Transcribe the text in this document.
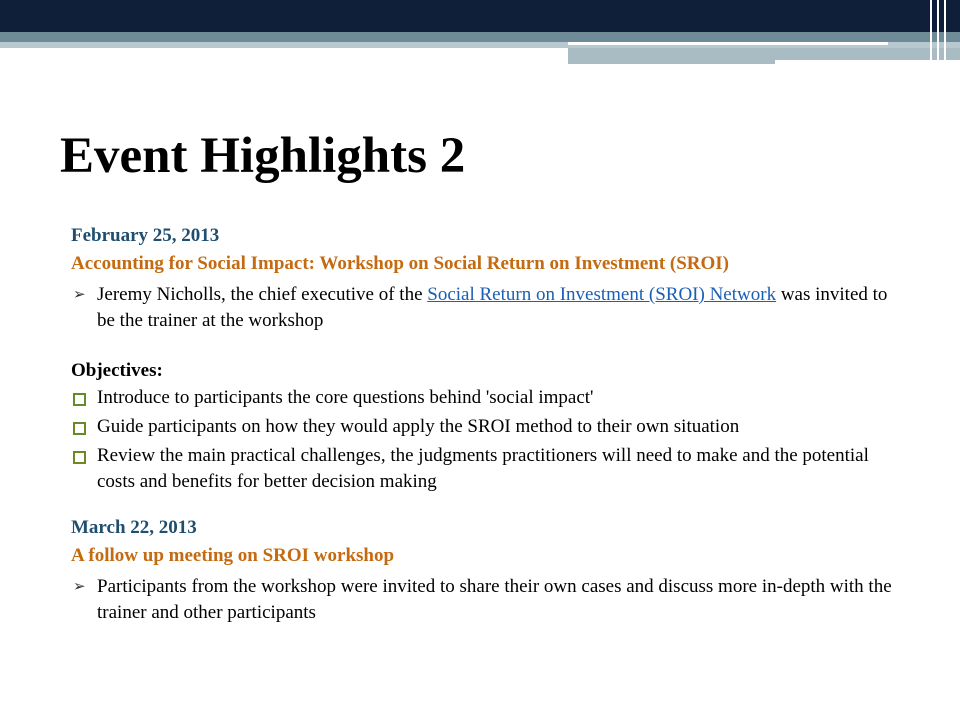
Event Highlights 2
February 25, 2013
Accounting for Social Impact: Workshop on Social Return on Investment (SROI)
➢ Jeremy Nicholls, the chief executive of the Social Return on Investment (SROI) Network was invited to be the trainer at the workshop
Objectives:
Introduce to participants the core questions behind 'social impact'
Guide participants on how they would apply the SROI method to their own situation
Review the main practical challenges, the judgments practitioners will need to make and the potential costs and benefits for better decision making
March 22, 2013
A follow up meeting on SROI workshop
➢ Participants from the workshop were invited to share their own cases and discuss more in-depth with the trainer and other participants
